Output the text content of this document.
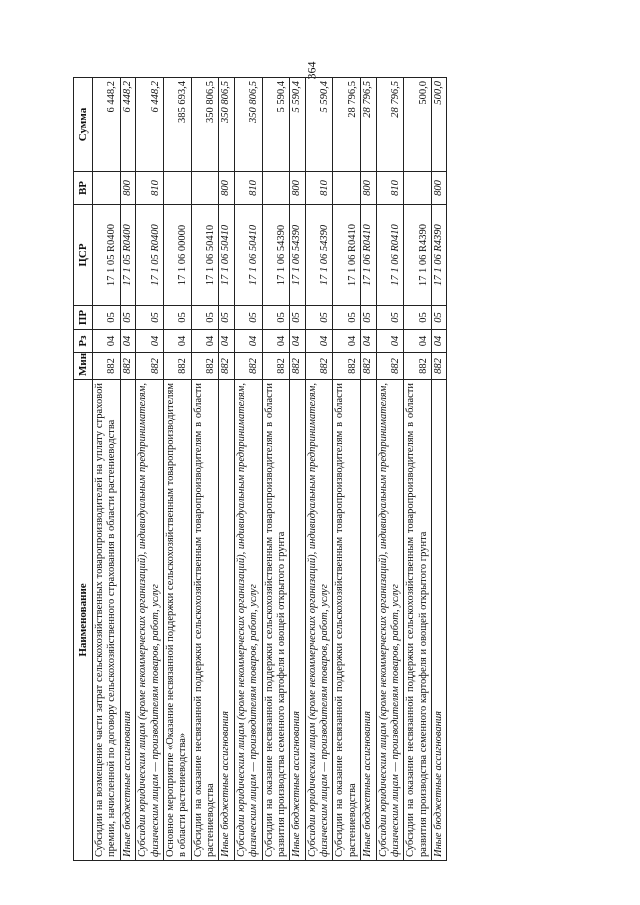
364
Наименование	Мин	Рз	ПР	ЦСР	ВР	Сумма
Субсидии на возмещение части затрат сельскохозяйственных товаропроизводителей на уплату страховой премии, начисленной по договору сельскохозяйственного страхования в области растениеводства	882	04	05	17 1 05 R0400		6 448,2
Иные бюджетные ассигнования	882	04	05	17 1 05 R0400	800	6 448,2
Субсидии юридическим лицам (кроме некоммерческих организаций), индивидуальным предпринимателям, физическим лицам — производителям товаров, работ, услуг	882	04	05	17 1 05 R0400	810	6 448,2
Основное мероприятие «Оказание несвязанной поддержки сельскохозяйственным товаропроизводителям в области растениеводства»	882	04	05	17 1 06 00000		385 693,4
Субсидии на оказание несвязанной поддержки сельскохозяйственным товаропроизводителям в области растениеводства	882	04	05	17 1 06 50410		350 806,5
Иные бюджетные ассигнования	882	04	05	17 1 06 50410	800	350 806,5
Субсидии юридическим лицам (кроме некоммерческих организаций), индивидуальным предпринимателям, физическим лицам — производителям товаров, работ, услуг	882	04	05	17 1 06 50410	810	350 806,5
Субсидии на оказание несвязанной поддержки сельскохозяйственным товаропроизводителям в области развития производства семенного картофеля и овощей открытого грунта	882	04	05	17 1 06 54390		5 590,4
Иные бюджетные ассигнования	882	04	05	17 1 06 54390	800	5 590,4
Субсидии юридическим лицам (кроме некоммерческих организаций), индивидуальным предпринимателям, физическим лицам — производителям товаров, работ, услуг	882	04	05	17 1 06 54390	810	5 590,4
Субсидии на оказание несвязанной поддержки сельскохозяйственным товаропроизводителям в области растениеводства	882	04	05	17 1 06 R0410		28 796,5
Иные бюджетные ассигнования	882	04	05	17 1 06 R0410	800	28 796,5
Субсидии юридическим лицам (кроме некоммерческих организаций), индивидуальным предпринимателям, физическим лицам — производителям товаров, работ, услуг	882	04	05	17 1 06 R0410	810	28 796,5
Субсидии на оказание несвязанной поддержки сельскохозяйственным товаропроизводителям в области развития производства семенного картофеля и овощей открытого грунта	882	04	05	17 1 06 R4390		500,0
Иные бюджетные ассигнования	882	04	05	17 1 06 R4390	800	500,0
